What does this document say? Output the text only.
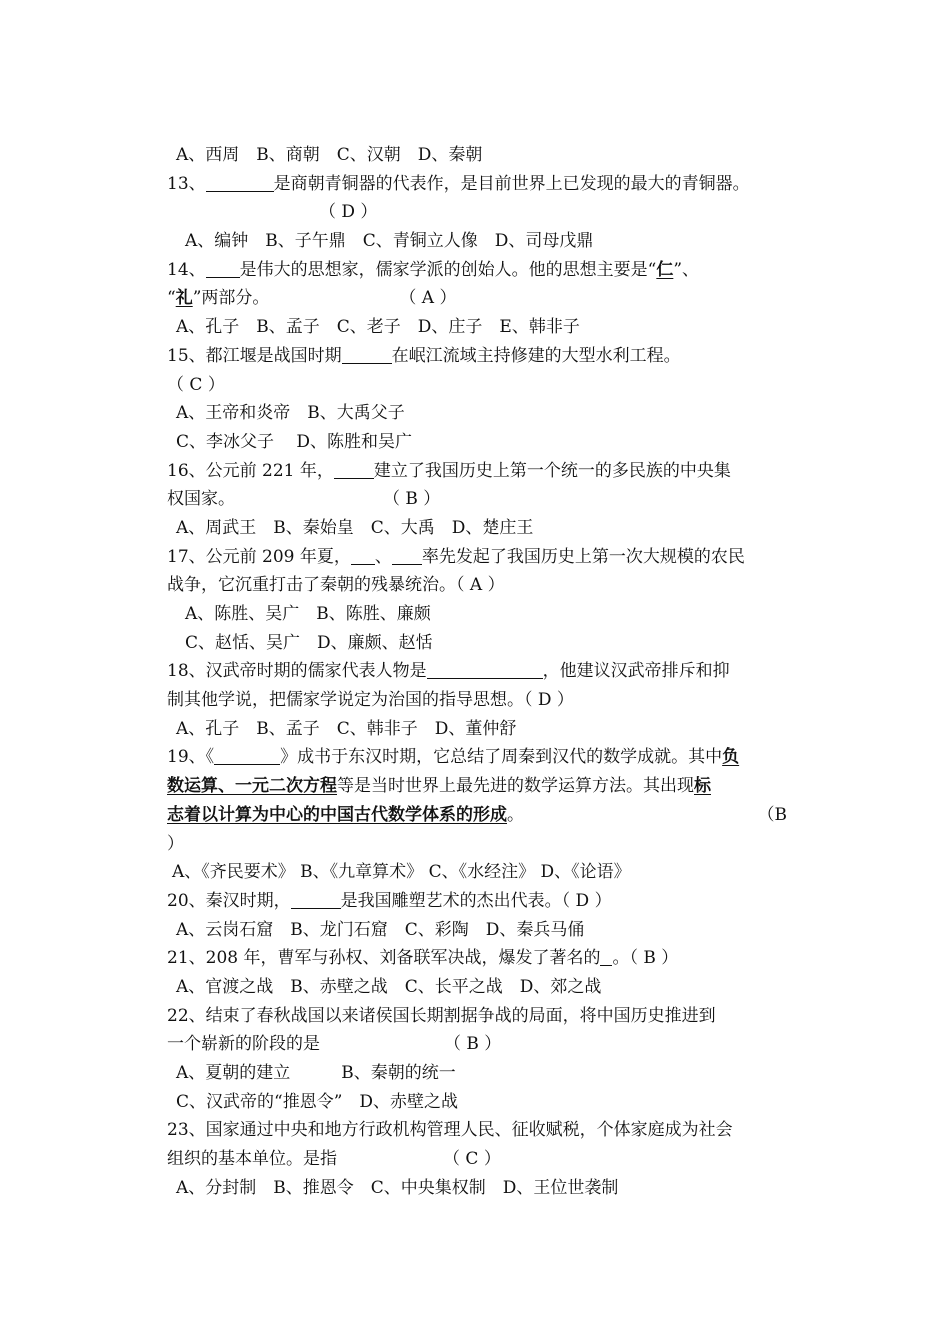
A、西周　B、商朝　C、汉朝　D、秦朝
13、	是商朝青铜器的代表作，是目前世界上已发现的最大的青铜器。
（ D ）
A、编钟　B、子午鼎　C、青铜立人像　D、司母戊鼎
14、 是伟大的思想家，儒家学派的创始人。他的思想主要是“仁”、
“礼”两部分。	（ A ）
A、孔子　B、孟子　C、老子　D、庄子　E、韩非子
15、都江堰是战国时期	在岷江流域主持修建的大型水利工程。
（ C ）
A、王帝和炎帝　B、大禹父子
C、李冰父子　 D、陈胜和吴广
16、公元前 221 年， 建立了我国历史上第一个统一的多民族的中央集
权国家。	（ B ）
A、周武王　B、秦始皇　C、大禹　D、楚庄王
17、公元前 209 年夏， 、 率先发起了我国历史上第一次大规模的农民
战争，它沉重打击了秦朝的残暴统治。（ A ）
A、陈胜、吴广　B、陈胜、廉颇
C、赵恬、吴广　D、廉颇、赵恬
18、汉武帝时期的儒家代表人物是	，他建议汉武帝排斥和抑
制其他学说，把儒家学说定为治国的指导思想。（ D ）
A、孔子　B、孟子　C、韩非子　D、董仲舒
19、《	》成书于东汉时期，它总结了周秦到汉代的数学成就。其中负
数运算、一元二次方程等是当时世界上最先进的数学运算方法。其出现标
志着以计算为中心的中国古代数学体系的形成。	（B
）
A、《齐民要术》 B、《九章算术》 C、《水经注》 D、《论语》
20、秦汉时期，	是我国雕塑艺术的杰出代表。（ D ）
A、云岗石窟　B、龙门石窟　C、彩陶　D、秦兵马俑
21、208 年，曹军与孙权、刘备联军决战，爆发了著名的 。（ B ）
A、官渡之战　B、赤壁之战　C、长平之战　D、郊之战
22、结束了春秋战国以来诸侯国长期割据争战的局面，将中国历史推进到
一个崭新的阶段的是	（ B ）
A、夏朝的建立　　　B、秦朝的统一
C、汉武帝的“推恩令”　D、赤壁之战
23、国家通过中央和地方行政机构管理人民、征收赋税，个体家庭成为社会
组织的基本单位。是指	（ C ）
A、分封制　B、推恩令　C、中央集权制　D、王位世袭制
